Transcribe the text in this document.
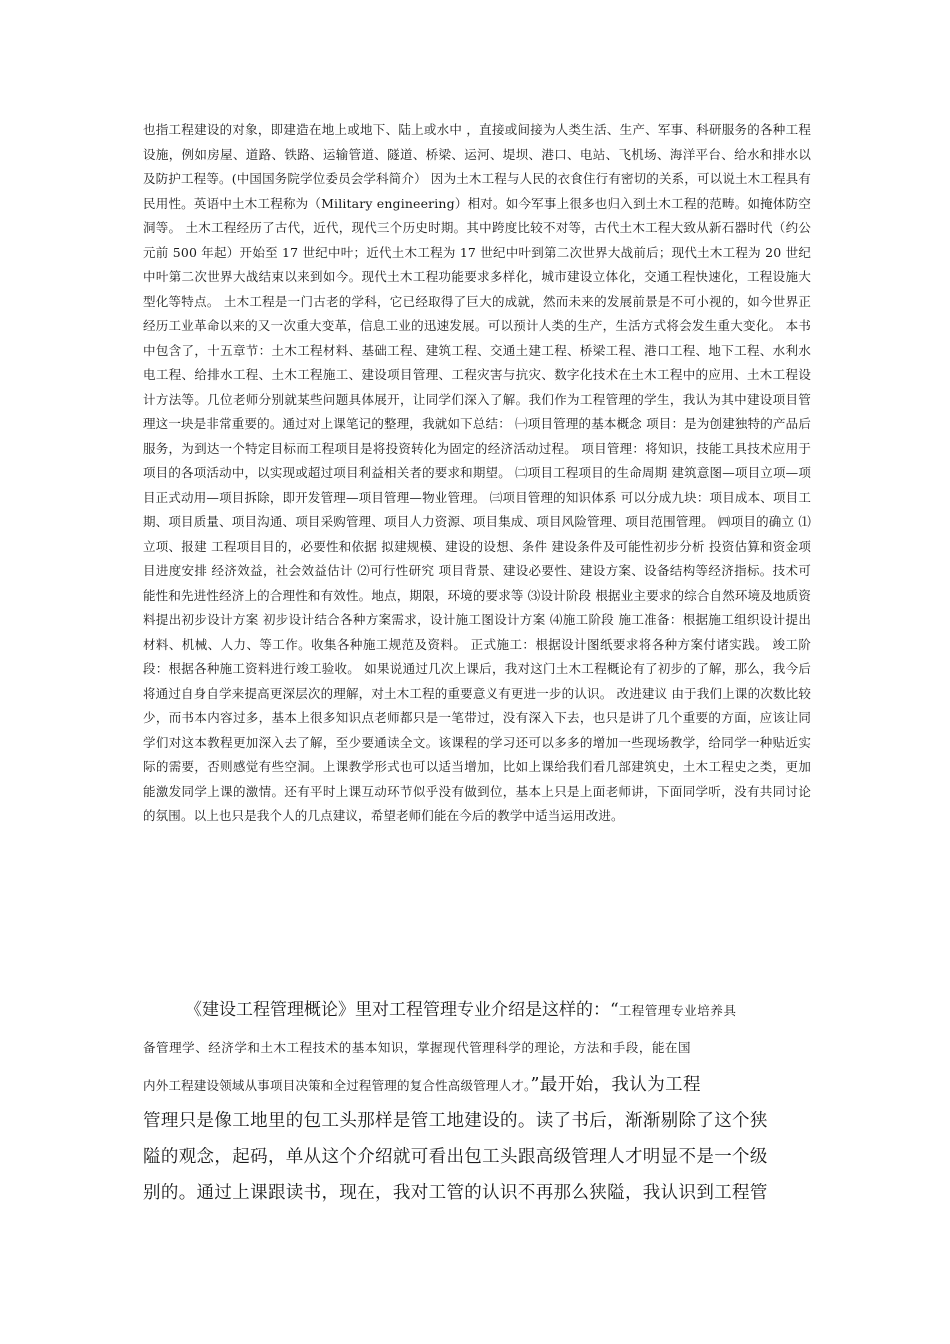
也指工程建设的对象，即建造在地上或地下、陆上或水中 ，直接或间接为人类生活、生产、军事、科研服务的各种工程设施，例如房屋、道路、铁路、运输管道、隧道、桥梁、运河、堤坝、港口、电站、飞机场、海洋平台、给水和排水以及防护工程等。(中国国务院学位委员会学科简介） 因为土木工程与人民的衣食住行有密切的关系，可以说土木工程具有民用性。英语中土木工程称为（Military engineering）相对。如今军事上很多也归入到土木工程的范畴。如掩体防空洞等。 土木工程经历了古代，近代，现代三个历史时期。其中跨度比较不对等，古代土木工程大致从新石器时代（约公元前 500 年起）开始至 17 世纪中叶；近代土木工程为 17 世纪中叶到第二次世界大战前后；现代土木工程为 20 世纪中叶第二次世界大战结束以来到如今。现代土木工程功能要求多样化，城市建设立体化，交通工程快速化，工程设施大型化等特点。 土木工程是一门古老的学科，它已经取得了巨大的成就，然而未来的发展前景是不可小视的，如今世界正经历工业革命以来的又一次重大变革，信息工业的迅速发展。可以预计人类的生产，生活方式将会发生重大变化。 本书中包含了，十五章节：土木工程材料、基础工程、建筑工程、交通土建工程、桥梁工程、港口工程、地下工程、水利水电工程、给排水工程、土木工程施工、建设项目管理、工程灾害与抗灾、数字化技术在土木工程中的应用、土木工程设计方法等。几位老师分别就某些问题具体展开，让同学们深入了解。我们作为工程管理的学生，我认为其中建设项目管理这一块是非常重要的。通过对上课笔记的整理，我就如下总结： ㈠项目管理的基本概念 项目：是为创建独特的产品后服务，为到达一个特定目标而工程项目是将投资转化为固定的经济活动过程。 项目管理：将知识，技能工具技术应用于项目的各项活动中，以实现或超过项目利益相关者的要求和期望。 ㈡项目工程项目的生命周期 建筑意图—项目立项—项目正式动用—项目拆除，即开发管理—项目管理—物业管理。 ㈢项目管理的知识体系 可以分成九块：项目成本、项目工期、项目质量、项目沟通、项目采购管理、项目人力资源、项目集成、项目风险管理、项目范围管理。 ㈣项目的确立 ⑴立项、报建 工程项目目的，必要性和依据 拟建规模、建设的设想、条件 建设条件及可能性初步分析 投资估算和资金项目进度安排 经济效益，社会效益估计 ⑵可行性研究 项目背景、建设必要性、建设方案、设备结构等经济指标。技术可能性和先进性经济上的合理性和有效性。地点，期限，环境的要求等 ⑶设计阶段 根据业主要求的综合自然环境及地质资料提出初步设计方案 初步设计结合各种方案需求，设计施工图设计方案 ⑷施工阶段 施工准备：根据施工组织设计提出材料、机械、人力、等工作。收集各种施工规范及资料。 正式施工：根据设计图纸要求将各种方案付诸实践。 竣工阶段：根据各种施工资料进行竣工验收。 如果说通过几次上课后，我对这门土木工程概论有了初步的了解，那么，我今后将通过自身自学来提高更深层次的理解，对土木工程的重要意义有更进一步的认识。 改进建议 由于我们上课的次数比较少，而书本内容过多，基本上很多知识点老师都只是一笔带过，没有深入下去，也只是讲了几个重要的方面，应该让同学们对这本教程更加深入去了解，至少要通读全文。该课程的学习还可以多多的增加一些现场教学，给同学一种贴近实际的需要，否则感觉有些空洞。上课教学形式也可以适当增加，比如上课给我们看几部建筑史，土木工程史之类，更加能激发同学上课的激情。还有平时上课互动环节似乎没有做到位，基本上只是上面老师讲，下面同学听，没有共同讨论的氛围。以上也只是我个人的几点建议，希望老师们能在今后的教学中适当运用改进。

《建设工程管理概论》里对工程管理专业介绍是这样的：“工程管理专业培养具
备管理学、经济学和土木工程技术的基本知识，掌握现代管理科学的理论，方法和手段，能在国
内外工程建设领域从事项目决策和全过程管理的复合性高级管理人才。”最开始，我认为工程
管理只是像工地里的包工头那样是管工地建设的。读了书后，渐渐剔除了这个狭
隘的观念，起码，单从这个介绍就可看出包工头跟高级管理人才明显不是一个级
别的。通过上课跟读书，现在，我对工管的认识不再那么狭隘，我认识到工程管
